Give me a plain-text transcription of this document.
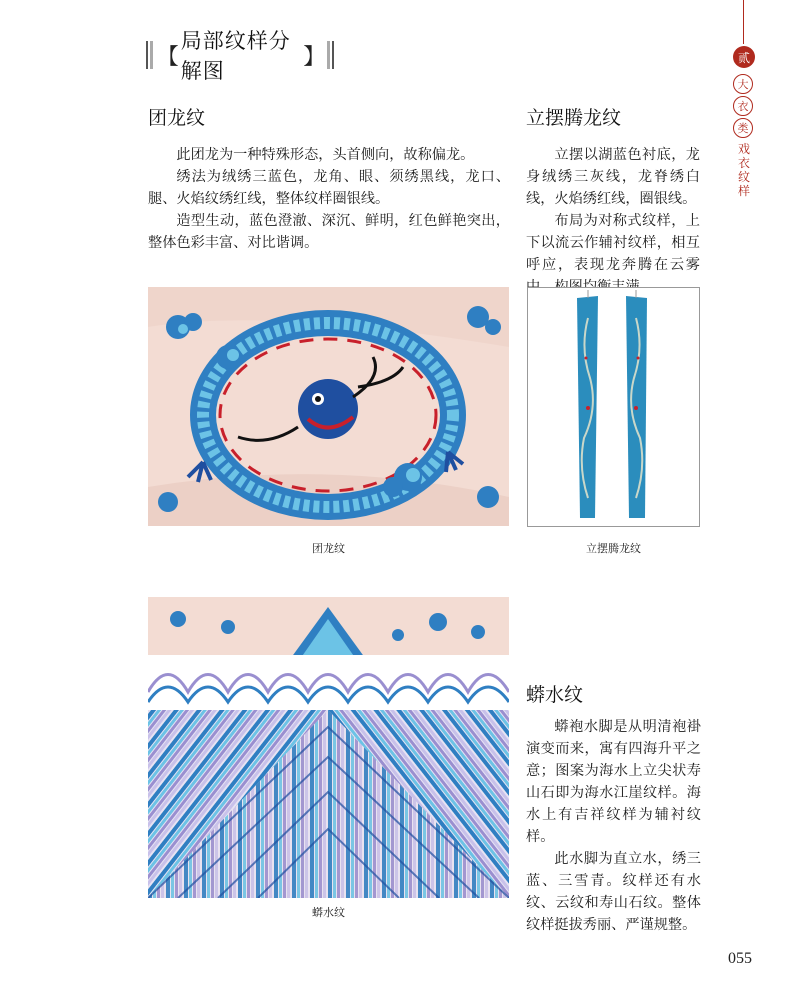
【
局部纹样分解图
】	贰
大
衣
类
戏衣纹样
团龙纹

此团龙为一种特殊形态，头首侧向，故称偏龙。

绣法为绒绣三蓝色，龙角、眼、须绣黑线，龙口、腿、火焰纹绣红线，整体纹样圈银线。

造型生动，蓝色澄澈、深沉、鲜明，红色鲜艳突出，整体色彩丰富、对比谐调。

立摆腾龙纹

立摆以湖蓝色衬底，龙身绒绣三灰线，龙脊绣白线，火焰绣红线，圈银线。

布局为对称式纹样，上下以流云作辅衬纹样，相互呼应，表现龙奔腾在云雾

团龙纹	立摆腾龙纹
蟒水纹
蟒水纹

蟒袍水脚是从明清袍褂演变而来，寓有四海升平之意；图案为海水上立尖状寿山石即为海水江崖纹样。海水上有吉祥纹样为辅衬纹样。

此水脚为直立水，绣三蓝、三雪青。纹样还有水纹、云纹和寿山石纹。整体纹样挺拔秀丽、严谨规整。

055
